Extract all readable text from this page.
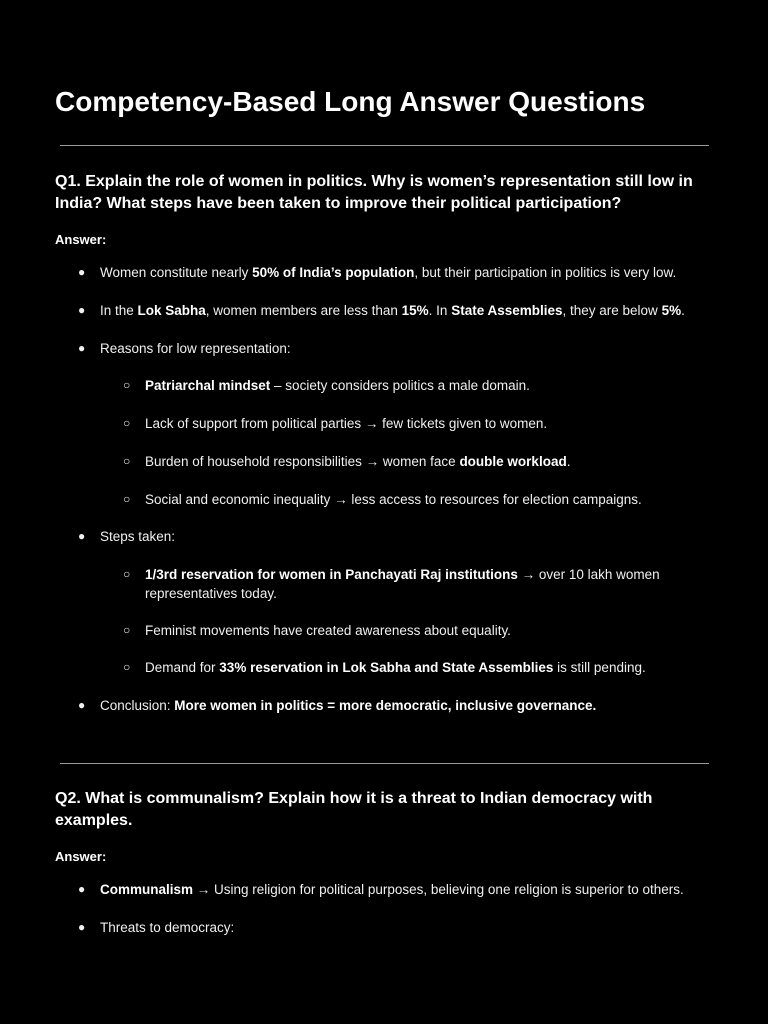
Competency-Based Long Answer Questions

Q1. Explain the role of women in politics. Why is women’s representation still low in India? What steps have been taken to improve their political participation?

Answer:
● Women constitute nearly 50% of India’s population, but their participation in politics is very low.
● In the Lok Sabha, women members are less than 15%. In State Assemblies, they are below 5%.
● Reasons for low representation:
○ Patriarchal mindset – society considers politics a male domain.
○ Lack of support from political parties → few tickets given to women.
○ Burden of household responsibilities → women face double workload.
○ Social and economic inequality → less access to resources for election campaigns.
● Steps taken:
○ 1/3rd reservation for women in Panchayati Raj institutions → over 10 lakh women representatives today.
○ Feminist movements have created awareness about equality.
○ Demand for 33% reservation in Lok Sabha and State Assemblies is still pending.
● Conclusion: More women in politics = more democratic, inclusive governance.

Q2. What is communalism? Explain how it is a threat to Indian democracy with examples.

Answer:
● Communalism → Using religion for political purposes, believing one religion is superior to others.
● Threats to democracy:
